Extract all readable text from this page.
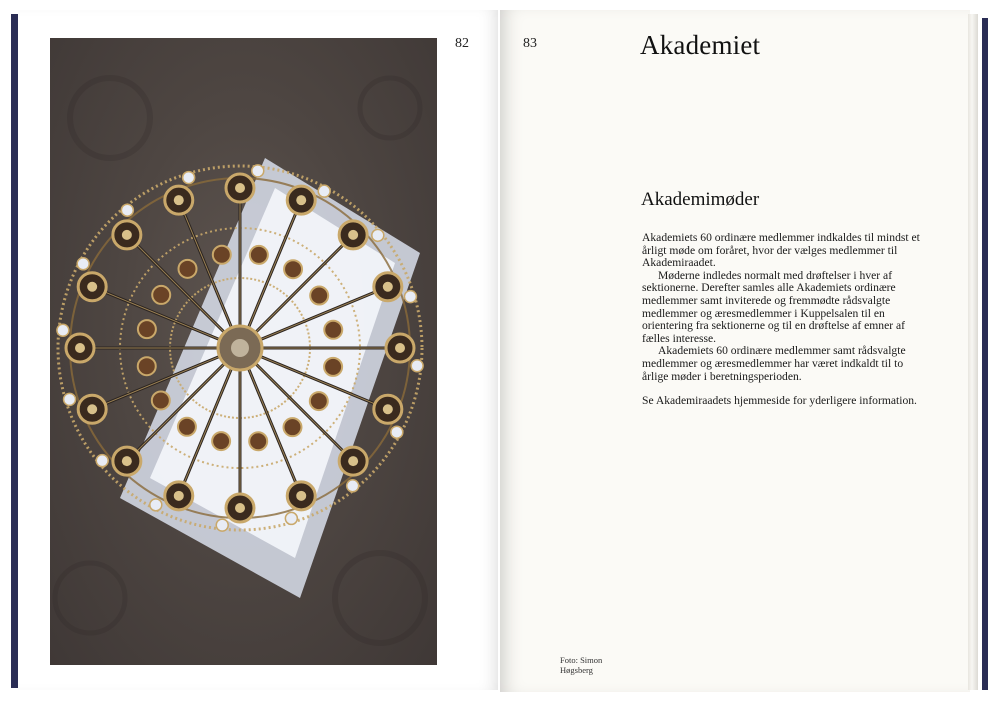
82	83	Akademiet
Akademimøder

Akademiets 60 ordinære medlemmer indkaldes til mindst et årligt møde om foråret, hvor der vælges medlemmer til Akademiraadet.

Møderne indledes normalt med drøftelser i hver af sektionerne. Derefter samles alle Akademiets ordinære medlemmer samt inviterede og fremmødte rådsvalgte medlemmer og æresmedlemmer i Kuppelsalen til en orientering fra sektionerne og til en drøftelse af emner af fælles interesse.

Akademiets 60 ordinære medlemmer samt rådsvalgte medlemmer og æresmedlemmer har været indkaldt til to årlige møder i beretningsperioden.

Se Akademiraadets hjemmeside for yderligere information.

Foto: Simon
Høgsberg
